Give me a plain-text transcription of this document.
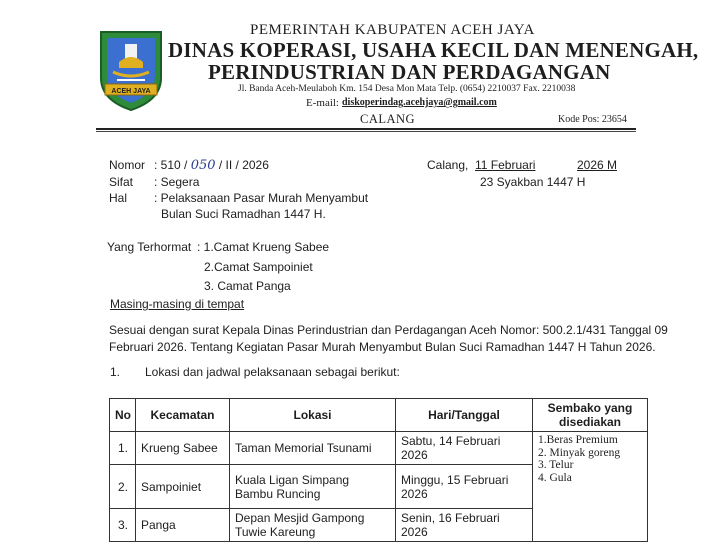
ACEH JAYA
PEMERINTAH KABUPATEN ACEH JAYA
DINAS KOPERASI, USAHA KECIL DAN MENENGAH,
PERINDUSTRIAN DAN PERDAGANGAN
Jl. Banda Aceh-Meulaboh Km. 154 Desa Mon Mata Telp. (0654) 2210037 Fax. 2210038
E-mail: diskoperindag.acehjaya@gmail.com
CALANG	Kode Pos: 23654
Nomor : 510 / 050 / II / 2026
Sifat : Segera
Hal : Pelaksanaan Pasar Murah Menyambut
Bulan Suci Ramadhan 1447 H.
Calang, 11 Februari	2026 M
23 Syakban 1447 H
Yang Terhormat : 1.Camat Krueng Sabee
2.Camat Sampoiniet
3. Camat Panga
Masing-masing di tempat
Sesuai dengan surat Kepala Dinas Perindustrian dan Perdagangan Aceh Nomor: 500.2.1/431 Tanggal 09
Februari 2026. Tentang Kegiatan Pasar Murah Menyambut Bulan Suci Ramadhan 1447 H Tahun 2026.
1. Lokasi dan jadwal pelaksanaan sebagai berikut:
No	Kecamatan	Lokasi	Hari/Tanggal	Sembako yang disediakan
1.	Krueng Sabee	Taman Memorial Tsunami	Sabtu, 14 Februari 2026	1.Beras Premium
2. Minyak goreng
3. Telur
4. Gula

2.	Sampoiniet	Kuala Ligan Simpang Bambu Runcing	Minggu, 15 Februari 2026	
3.	Panga	Depan Mesjid Gampong Tuwie Kareung	Senin, 16 Februari 2026	
